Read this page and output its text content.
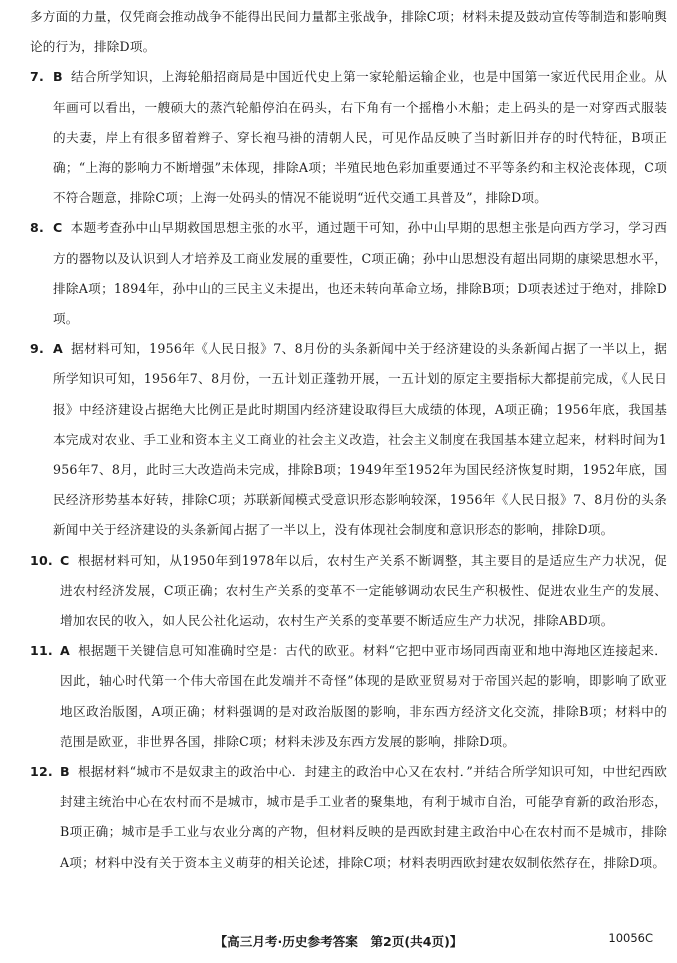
多方面的力量，仅凭商会推动战争不能得出民间力量都主张战争，排除C项；材料未提及鼓动宣传等制造和影响舆论的行为，排除D项。

7. B 结合所学知识，上海轮船招商局是中国近代史上第一家轮船运输企业，也是中国第一家近代民用企业。从年画可以看出，一艘硕大的蒸汽轮船停泊在码头，右下角有一个摇橹小木船；走上码头的是一对穿西式服装的夫妻，岸上有很多留着辫子、穿长袍马褂的清朝人民，可见作品反映了当时新旧并存的时代特征，B项正确；“上海的影响力不断增强”未体现，排除A项；半殖民地色彩加重要通过不平等条约和主权沦丧体现，C项不符合题意，排除C项；上海一处码头的情况不能说明“近代交通工具普及”，排除D项。

8. C 本题考查孙中山早期救国思想主张的水平，通过题干可知，孙中山早期的思想主张是向西方学习，学习西方的器物以及认识到人才培养及工商业发展的重要性，C项正确；孙中山思想没有超出同期的康梁思想水平，排除A项；1894年，孙中山的三民主义未提出，也还未转向革命立场，排除B项；D项表述过于绝对，排除D项。

9. A 据材料可知，1956年《人民日报》7、8月份的头条新闻中关于经济建设的头条新闻占据了一半以上，据所学知识可知，1956年7、8月份，一五计划正蓬勃开展，一五计划的原定主要指标大都提前完成，《人民日报》中经济建设占据绝大比例正是此时期国内经济建设取得巨大成绩的体现，A项正确；1956年底，我国基本完成对农业、手工业和资本主义工商业的社会主义改造，社会主义制度在我国基本建立起来，材料时间为1956年7、8月，此时三大改造尚未完成，排除B项；1949年至1952年为国民经济恢复时期，1952年底，国民经济形势基本好转，排除C项；苏联新闻模式受意识形态影响较深，1956年《人民日报》7、8月份的头条新闻中关于经济建设的头条新闻占据了一半以上，没有体现社会制度和意识形态的影响，排除D项。

10. C 根据材料可知，从1950年到1978年以后，农村生产关系不断调整，其主要目的是适应生产力状况，促进农村经济发展，C项正确；农村生产关系的变革不一定能够调动农民生产积极性、促进农业生产的发展、增加农民的收入，如人民公社化运动，农村生产关系的变革要不断适应生产力状况，排除ABD项。

11. A 根据题干关键信息可知准确时空是：古代的欧亚。材料“它把中亚市场同西南亚和地中海地区连接起来．因此，轴心时代第一个伟大帝国在此发端并不奇怪”体现的是欧亚贸易对于帝国兴起的影响，即影响了欧亚地区政治版图，A项正确；材料强调的是对政治版图的影响，非东西方经济文化交流，排除B项；材料中的范围是欧亚，非世界各国，排除C项；材料未涉及东西方发展的影响，排除D项。

12. B 根据材料“城市不是奴隶主的政治中心．封建主的政治中心又在农村．”并结合所学知识可知，中世纪西欧封建主统治中心在农村而不是城市，城市是手工业者的聚集地，有利于城市自治，可能孕育新的政治形态，B项正确；城市是手工业与农业分离的产物，但材料反映的是西欧封建主政治中心在农村而不是城市，排除A项；材料中没有关于资本主义萌芽的相关论述，排除C项；材料表明西欧封建农奴制依然存在，排除D项。

【高三月考·历史参考答案　第2页(共4页)】	10056C
